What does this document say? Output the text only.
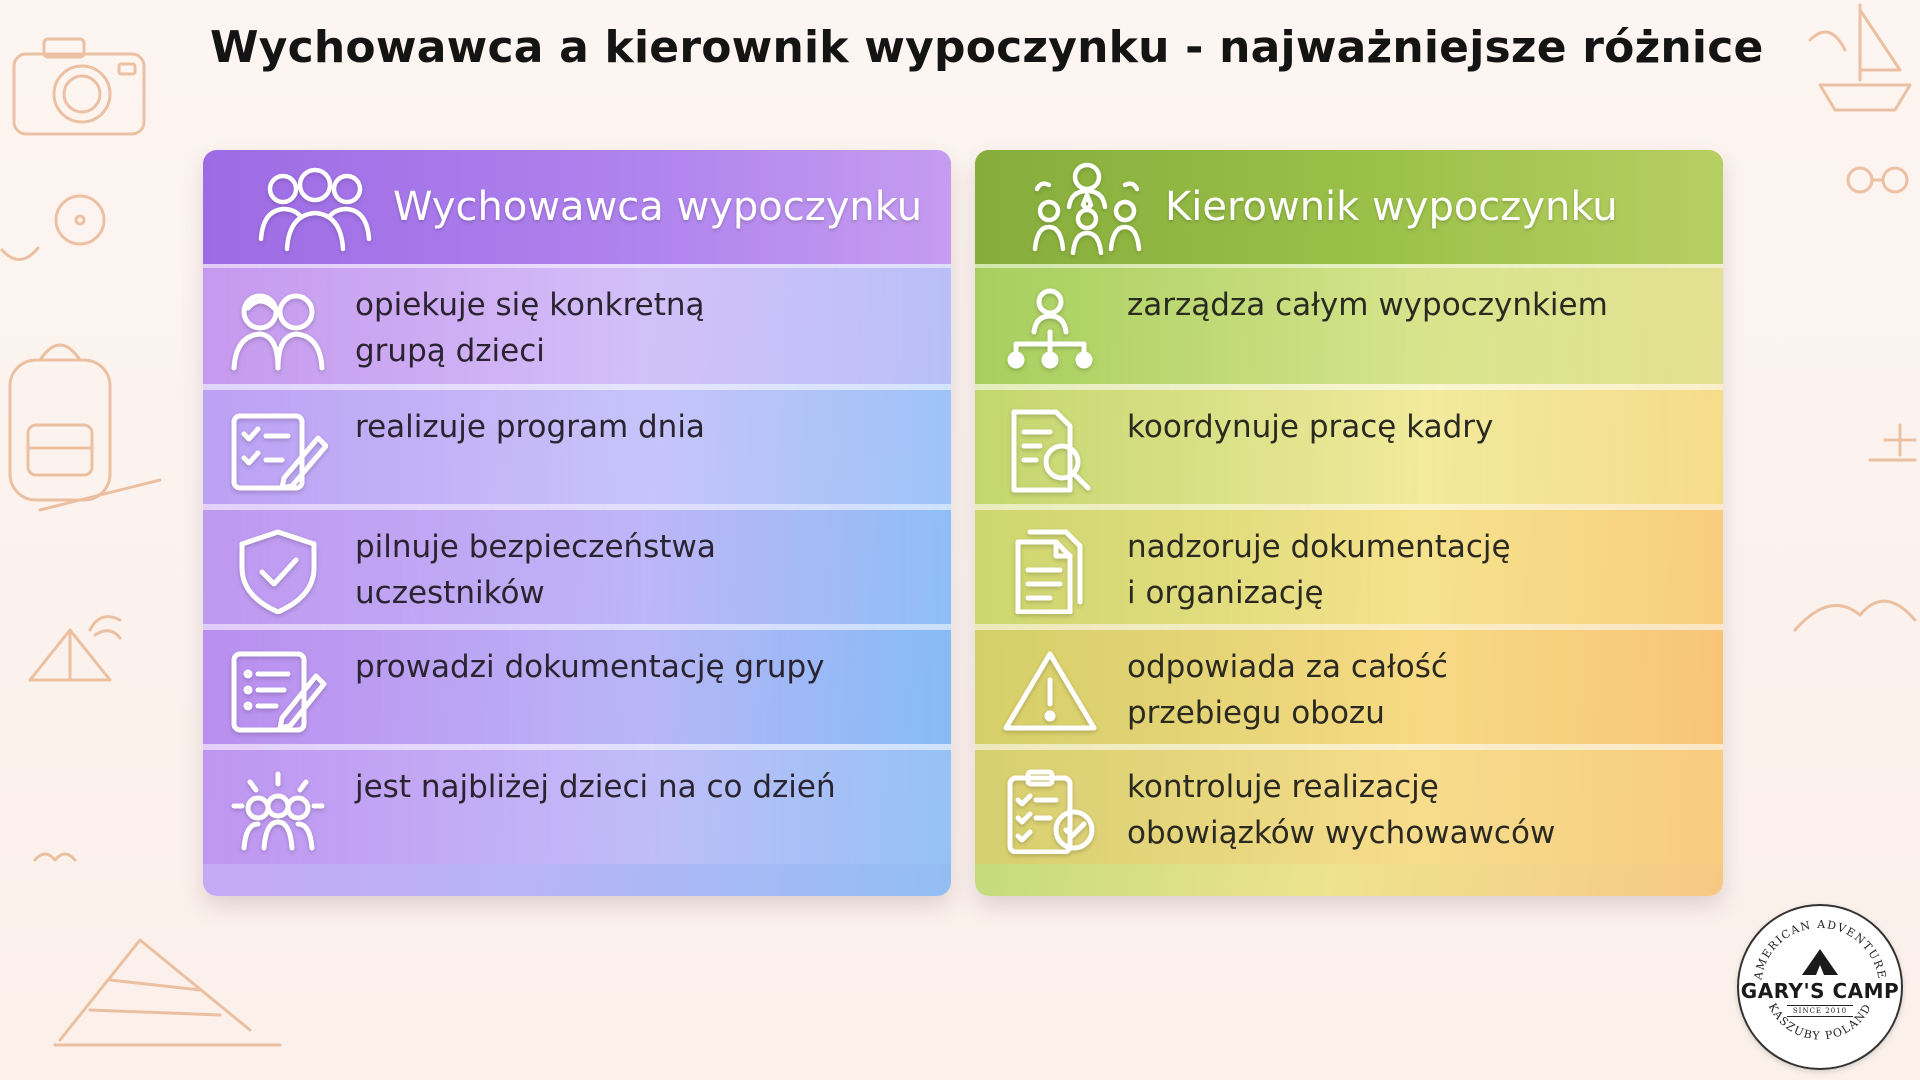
Wychowawca a kierownik wypoczynku - najważniejsze różnice
Wychowawca wypoczynku
opiekuje się konkretną
grupą dzieci
realizuje program dnia
pilnuje bezpieczeństwa
uczestników
prowadzi dokumentację grupy
jest najbliżej dzieci na co dzień
Kierownik wypoczynku
zarządza całym wypoczynkiem
koordynuje pracę kadry
nadzoruje dokumentację
i organizację
odpowiada za całość
przebiegu obozu
kontroluje realizację
obowiązków wychowawców
AMERICAN ADVENTURE
KASZUBY POLAND
GARY'S CAMP
SINCE 2010
